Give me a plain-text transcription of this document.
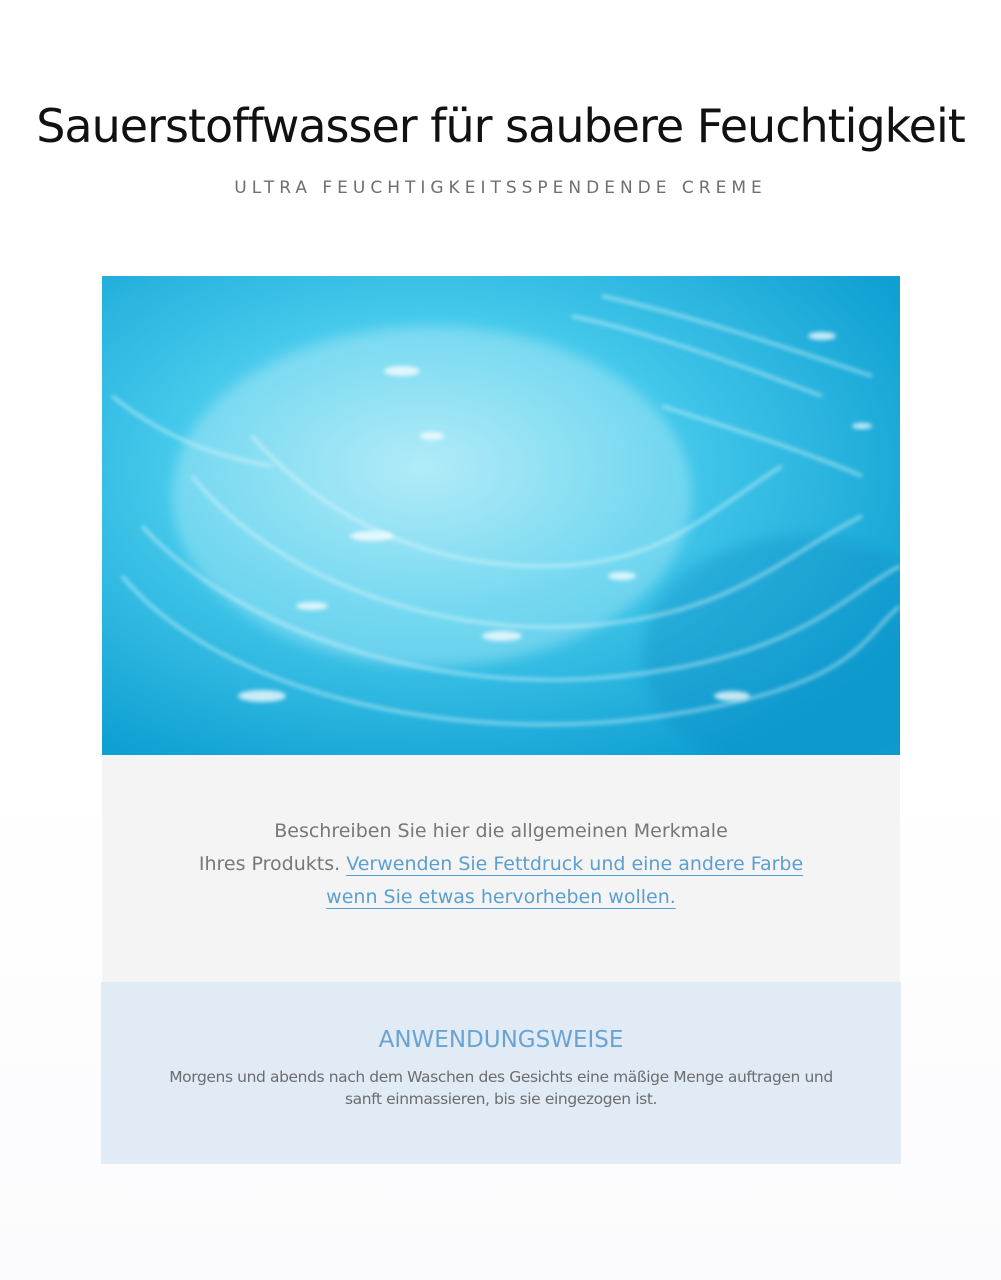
Sauerstoffwasser für saubere Feuchtigkeit
ULTRA FEUCHTIGKEITSSPENDENDE CREME
Beschreiben Sie hier die allgemeinen Merkmale
Ihres Produkts. Verwenden Sie Fettdruck und eine andere Farbe
wenn Sie etwas hervorheben wollen.
ANWENDUNGSWEISE
Morgens und abends nach dem Waschen des Gesichts eine mäßige Menge auftragen und
sanft einmassieren, bis sie eingezogen ist.
